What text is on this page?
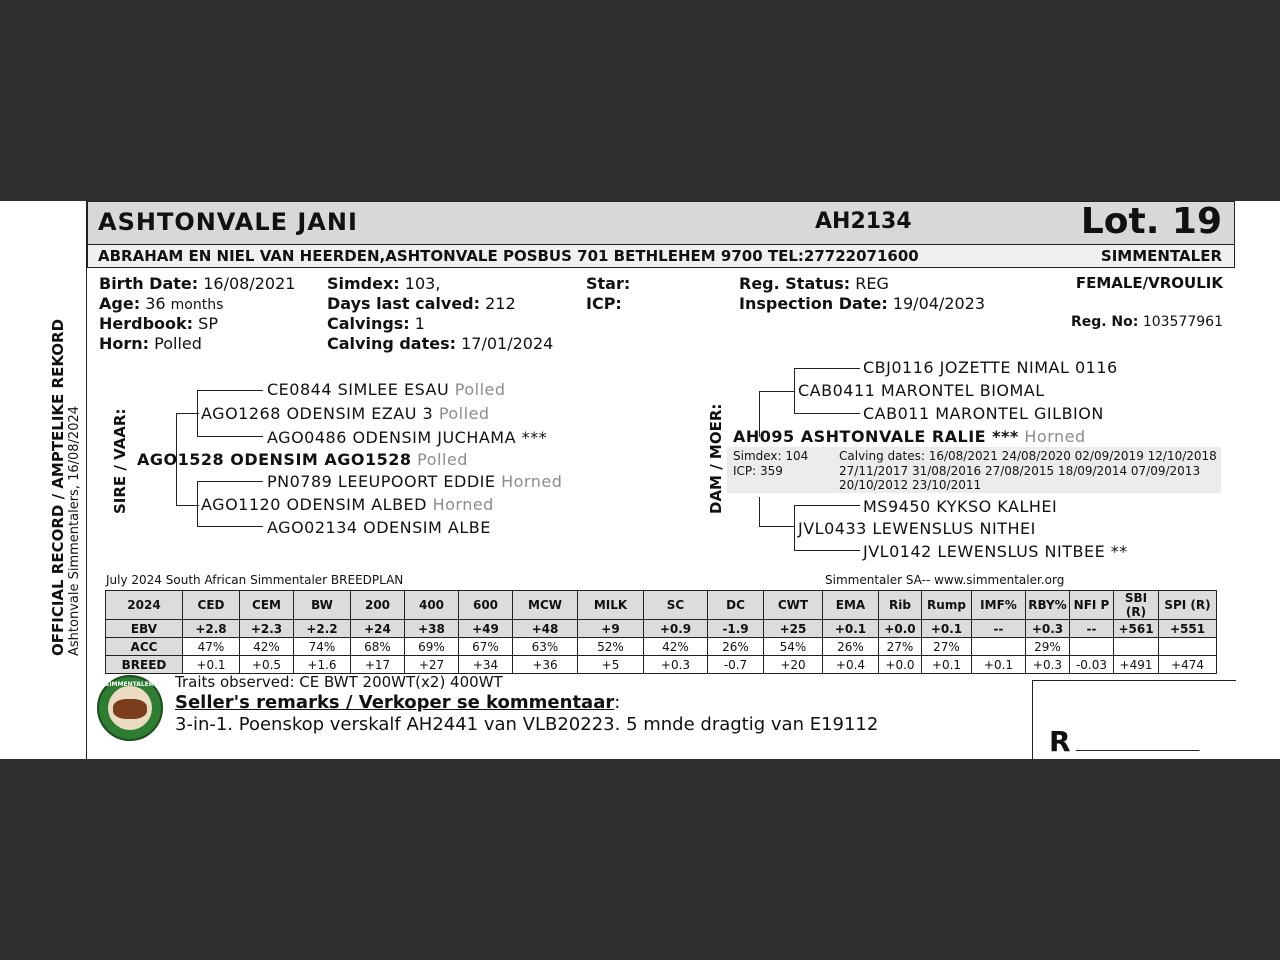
OFFICIAL RECORD / AMPTELIKE REKORD Ashtonvale Simmentalers, 16/08/2024
ASHTONVALE JANI	AH2134	Lot. 19
ABRAHAM EN NIEL VAN HEERDEN,ASHTONVALE POSBUS 701 BETHLEHEM 9700 TEL:27722071600	SIMMENTALER
Birth Date: 16/08/2021
Age: 36 months
Herdbook: SP
Horn: Polled
Simdex: 103,
Days last calved: 212
Calvings: 1
Calving dates: 17/01/2024
Star:
ICP:
Reg. Status: REG
Inspection Date: 19/04/2023
FEMALE/VROULIK
Reg. No: 103577961
SIRE / VAAR:
CE0844 SIMLEE ESAU Polled
AGO1268 ODENSIM EZAU 3 Polled
AGO0486 ODENSIM JUCHAMA ***
AGO1528 ODENSIM AGO1528 Polled
PN0789 LEEUPOORT EDDIE Horned
AGO1120 ODENSIM ALBED Horned
AGO02134 ODENSIM ALBE
DAM / MOER:
CBJ0116 JOZETTE NIMAL 0116
CAB0411 MARONTEL BIOMAL
CAB011 MARONTEL GILBION
AH095 ASHTONVALE RALIE *** Horned
Simdex: 104
ICP: 359
Calving dates: 16/08/2021 24/08/2020 02/09/2019 12/10/2018
27/11/2017 31/08/2016 27/08/2015 18/09/2014 07/09/2013
20/10/2012 23/10/2011
MS9450 KYKSO KALHEI
JVL0433 LEWENSLUS NITHEI
JVL0142 LEWENSLUS NITBEE **
July 2024 South African Simmentaler BREEDPLAN	Simmentaler SA-- www.simmentaler.org
2024	CED	CEM	BW	200	400	600	MCW	MILK	SC	DC	CWT	EMA	Rib	Rump	IMF%	RBY%	NFI P	SBI (R)	SPI (R)
EBV	+2.8	+2.3	+2.2	+24	+38	+49	+48	+9	+0.9	-1.9	+25	+0.1	+0.0	+0.1	--	+0.3	--	+561	+551
ACC	47%	42%	74%	68%	69%	67%	63%	52%	42%	26%	54%	26%	27%	27%		29%			
BREED	+0.1	+0.5	+1.6	+17	+27	+34	+36	+5	+0.3	-0.7	+20	+0.4	+0.0	+0.1	+0.1	+0.3	-0.03	+491	+474
SIMMENTALER SA Traits observed: CE BWT 200WT(x2) 400WT
Seller's remarks / Verkoper se kommentaar:
3-in-1. Poenskop verskalf AH2441 van VLB20223. 5 mnde dragtig van E19112
R ___________________
